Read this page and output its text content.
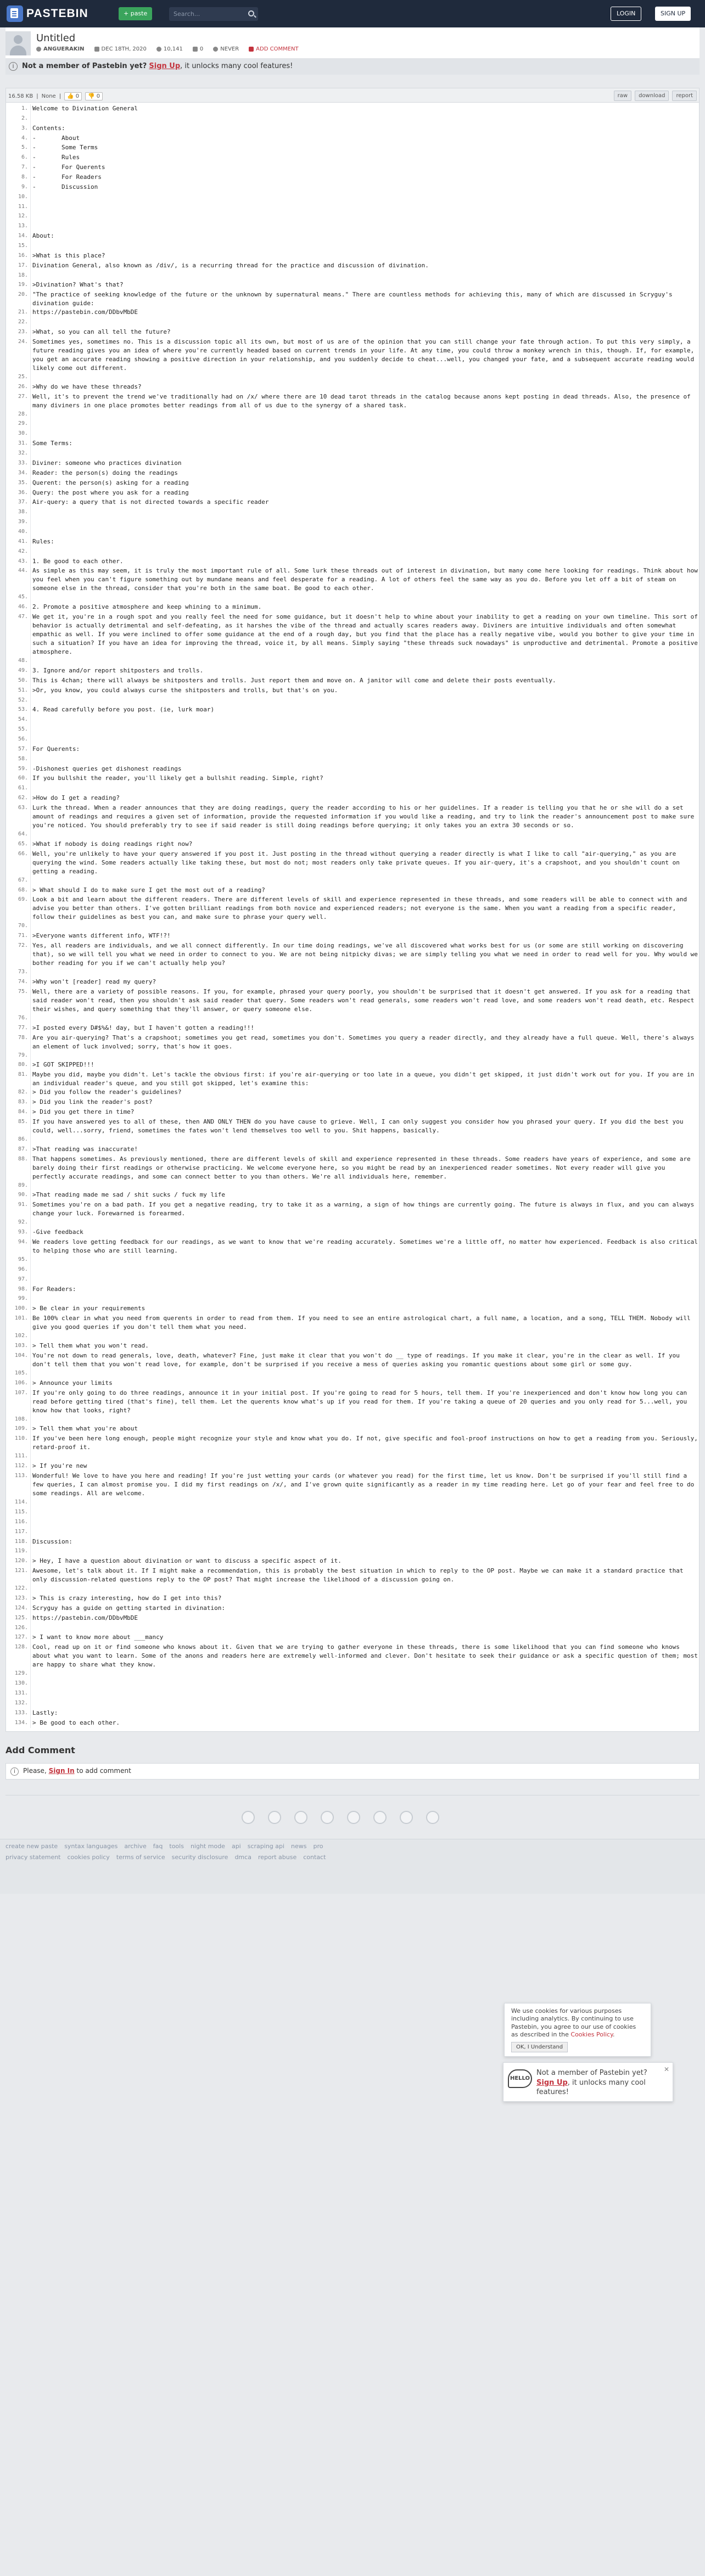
PASTEBIN	+ paste
Search...	LOGIN	SIGN UP
Untitled
ANGUERAKIN	DEC 18TH, 2020	10,141	0	NEVER	ADD COMMENT
i	Not a member of Pastebin yet? Sign Up, it unlocks many cool features!
16.58 KB | None |	👍 0	👎 0	raw	download	report
1. Welcome to Divination General
2.
3. Contents:
4. -       About
5. -       Some Terms
6. -       Rules
7. -       For Querents
8. -       For Readers
9. -       Discussion
10.
11.
12.
13.
14. About:
15.
16. >What is this place?
17. Divination General, also known as /div/, is a recurring thread for the practice and discussion of divination.
18.
19. >Divination? What's that?
20. "The practice of seeking knowledge of the future or the unknown by supernatural means." There are countless methods for achieving this, many of which are discussed in Scryguy's divination guide:
21. https://pastebin.com/DDbvMbDE
22.
23. >What, so you can all tell the future?
24. Sometimes yes, sometimes no. This is a discussion topic all its own, but most of us are of the opinion that you can still change your fate through action. To put this very simply, a future reading gives you an idea of where you're currently headed based on current trends in your life. At any time, you could throw a monkey wrench in this, though. If, for example, you get an accurate reading showing a positive direction in your relationship, and you suddenly decide to cheat...well, you changed your fate, and a subsequent accurate reading would likely come out different.
25.
26. >Why do we have these threads?
27. Well, it's to prevent the trend we've traditionally had on /x/ where there are 10 dead tarot threads in the catalog because anons kept posting in dead threads. Also, the presence of many diviners in one place promotes better readings from all of us due to the synergy of a shared task.
28.
29.
30.
31. Some Terms:
32.
33. Diviner: someone who practices divination
34. Reader: the person(s) doing the readings
35. Querent: the person(s) asking for a reading
36. Query: the post where you ask for a reading
37. Air-query: a query that is not directed towards a specific reader
38.
39.
40.
41. Rules:
42.
43. 1. Be good to each other.
44. As simple as this may seem, it is truly the most important rule of all. Some lurk these threads out of interest in divination, but many come here looking for readings. Think about how you feel when you can't figure something out by mundane means and feel desperate for a reading. A lot of others feel the same way as you do. Before you let off a bit of steam on someone else in the thread, consider that you're both in the same boat. Be good to each other.
45.
46. 2. Promote a positive atmosphere and keep whining to a minimum.
47. We get it, you're in a rough spot and you really feel the need for some guidance, but it doesn't help to whine about your inability to get a reading on your own timeline. This sort of behavior is actually detrimental and self-defeating, as it harshes the vibe of the thread and actually scares readers away. Diviners are intuitive individuals and often somewhat empathic as well. If you were inclined to offer some guidance at the end of a rough day, but you find that the place has a really negative vibe, would you bother to give your time in such a situation? If you have an idea for improving the thread, voice it, by all means. Simply saying "these threads suck nowadays" is unproductive and detrimental. Promote a positive atmosphere.
48.
49. 3. Ignore and/or report shitposters and trolls.
50. This is 4chan; there will always be shitposters and trolls. Just report them and move on. A janitor will come and delete their posts eventually.
51. >Or, you know, you could always curse the shitposters and trolls, but that's on you.
52.
53. 4. Read carefully before you post. (ie, lurk moar)
54.
55.
56.
57. For Querents:
58.
59. -Dishonest queries get dishonest readings
60. If you bullshit the reader, you'll likely get a bullshit reading. Simple, right?
61.
62. >How do I get a reading?
63. Lurk the thread. When a reader announces that they are doing readings, query the reader according to his or her guidelines. If a reader is telling you that he or she will do a set amount of readings and requires a given set of information, provide the requested information if you would like a reading, and try to link the reader's announcement post to make sure you're noticed. You should preferably try to see if said reader is still doing readings before querying; it only takes you an extra 30 seconds or so.
64.
65. >What if nobody is doing readings right now?
66. Well, you're unlikely to have your query answered if you post it. Just posting in the thread without querying a reader directly is what I like to call "air-querying," as you are querying the wind. Some readers actually like taking these, but most do not; most readers only take private queues. If you air-query, it's a crapshoot, and you shouldn't count on getting a reading.
67.
68. > What should I do to make sure I get the most out of a reading?
69. Look a bit and learn about the different readers. There are different levels of skill and experience represented in these threads, and some readers will be able to connect with and advise you better than others. I've gotten brilliant readings from both novice and experienced readers; not everyone is the same. When you want a reading from a specific reader, follow their guidelines as best you can, and make sure to phrase your query well.
70.
71. >Everyone wants different info, WTF!?!
72. Yes, all readers are individuals, and we all connect differently. In our time doing readings, we've all discovered what works best for us (or some are still working on discovering that), so we will tell you what we need in order to connect to you. We are not being nitpicky divas; we are simply telling you what we need in order to read well for you. Why would we bother reading for you if we can't actually help you?
73.
74. >Why won't [reader] read my query?
75. Well, there are a variety of possible reasons. If you, for example, phrased your query poorly, you shouldn't be surprised that it doesn't get answered. If you ask for a reading that said reader won't read, then you shouldn't ask said reader that query. Some readers won't read generals, some readers won't read love, and some readers won't read death, etc. Respect their wishes, and query something that they'll answer, or query someone else.
76.
77. >I posted every D#$%&! day, but I haven't gotten a reading!!!
78. Are you air-querying? That's a crapshoot; sometimes you get read, sometimes you don't. Sometimes you query a reader directly, and they already have a full queue. Well, there's always an element of luck involved; sorry, that's how it goes.
79.
80. >I GOT SKIPPED!!!
81. Maybe you did, maybe you didn't. Let's tackle the obvious first: if you're air-querying or too late in a queue, you didn't get skipped, it just didn't work out for you. If you are in an individual reader's queue, and you still got skipped, let's examine this:
82. > Did you follow the reader's guidelines?
83. > Did you link the reader's post?
84. > Did you get there in time?
85. If you have answered yes to all of these, then AND ONLY THEN do you have cause to grieve. Well, I can only suggest you consider how you phrased your query. If you did the best you could, well...sorry, friend, sometimes the fates won't lend themselves too well to you. Shit happens, basically.
86.
87. >That reading was inaccurate!
88. That happens sometimes. As previously mentioned, there are different levels of skill and experience represented in these threads. Some readers have years of experience, and some are barely doing their first readings or otherwise practicing. We welcome everyone here, so you might be read by an inexperienced reader sometimes. Not every reader will give you perfectly accurate readings, and some can connect better to you than others. We're all individuals here, remember.
89.
90. >That reading made me sad / shit sucks / fuck my life
91. Sometimes you're on a bad path. If you get a negative reading, try to take it as a warning, a sign of how things are currently going. The future is always in flux, and you can always change your luck. Forewarned is forearmed.
92.
93. -Give feedback
94. We readers love getting feedback for our readings, as we want to know that we're reading accurately. Sometimes we're a little off, no matter how experienced. Feedback is also critical to helping those who are still learning.
95.
96.
97.
98. For Readers:
99.
100. > Be clear in your requirements
101. Be 100% clear in what you need from querents in order to read from them. If you need to see an entire astrological chart, a full name, a location, and a song, TELL THEM. Nobody will give you good queries if you don't tell them what you need.
102.
103. > Tell them what you won't read.
104. You're not down to read generals, love, death, whatever? Fine, just make it clear that you won't do __ type of readings. If you make it clear, you're in the clear as well. If you don't tell them that you won't read love, for example, don't be surprised if you receive a mess of queries asking you romantic questions about some girl or some guy.
105.
106. > Announce your limits
107. If you're only going to do three readings, announce it in your initial post. If you're going to read for 5 hours, tell them. If you're inexperienced and don't know how long you can read before getting tired (that's fine), tell them. Let the querents know what's up if you read for them. If you're taking a queue of 20 queries and you only read for 5...well, you know how that looks, right?
108.
109. > Tell them what you're about
110. If you've been here long enough, people might recognize your style and know what you do. If not, give specific and fool-proof instructions on how to get a reading from you. Seriously, retard-proof it.
111.
112. > If you're new
113. Wonderful! We love to have you here and reading! If you're just wetting your cards (or whatever you read) for the first time, let us know. Don't be surprised if you'll still find a few queries, I can almost promise you. I did my first readings on /x/, and I've grown quite significantly as a reader in my time reading here. Let go of your fear and feel free to do some readings. All are welcome.
114.
115.
116.
117.
118. Discussion:
119.
120. > Hey, I have a question about divination or want to discuss a specific aspect of it.
121. Awesome, let's talk about it. If I might make a recommendation, this is probably the best situation in which to reply to the OP post. Maybe we can make it a standard practice that only discussion-related questions reply to the OP post? That might increase the likelihood of a discussion going on.
122.
123. > This is crazy interesting, how do I get into this?
124. Scryguy has a guide on getting started in divination:
125. https://pastebin.com/DDbvMbDE
126.
127. > I want to know more about ___mancy
128. Cool, read up on it or find someone who knows about it. Given that we are trying to gather everyone in these threads, there is some likelihood that you can find someone who knows about what you want to learn. Some of the anons and readers here are extremely well-informed and clever. Don't hesitate to seek their guidance or ask a specific question of them; most are happy to share what they know.
129.
130.
131.
132.
133. Lastly:
134. > Be good to each other.
Add Comment
i	Please, Sign In to add comment
create new paste syntax languages archive faq tools night mode api scraping api news pro
privacy statement cookies policy terms of service security disclosure dmca report abuse contact
We use cookies for various purposes including analytics. By continuing to use Pastebin, you agree to our use of cookies as described in the Cookies Policy.
OK, I Understand
HELLO
✕
Not a member of Pastebin yet? Sign Up, it unlocks many cool features!
